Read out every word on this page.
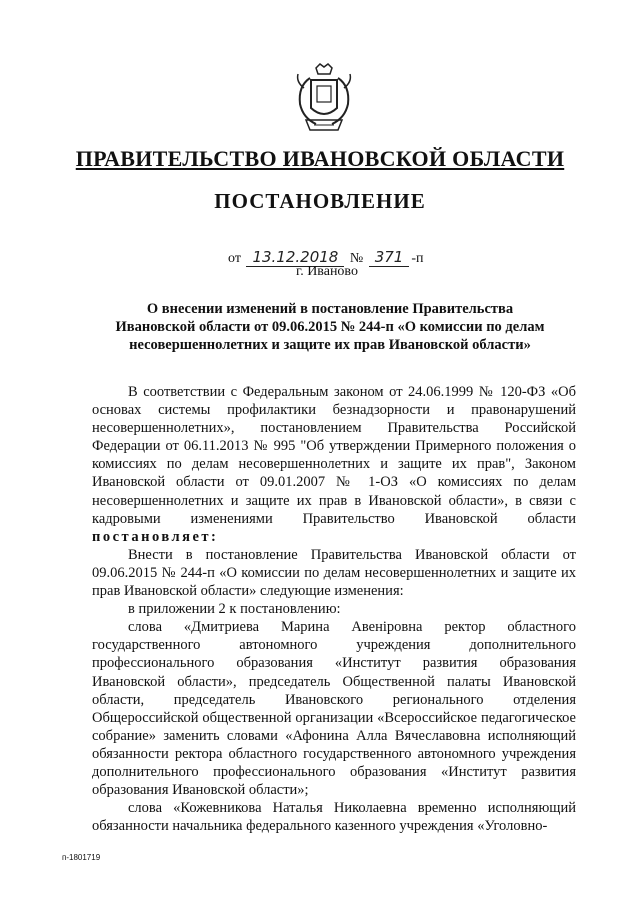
ПРАВИТЕЛЬСТВО ИВАНОВСКОЙ ОБЛАСТИ
ПОСТАНОВЛЕНИЕ
от 13.12.2018 № 371 -п
г. Иваново
О внесении изменений в постановление Правительства
Ивановской области от 09.06.2015 № 244-п «О комиссии по делам
несовершеннолетних и защите их прав Ивановской области»

В соответствии с Федеральным законом от 24.06.1999 № 120-ФЗ «Об основах системы профилактики безнадзорности и правонарушений несовершеннолетних», постановлением Правительства Российской Федерации от 06.11.2013 № 995 "Об утверждении Примерного положения о комиссиях по делам несовершеннолетних и защите их прав", Законом Ивановской области от 09.01.2007 № 1-ОЗ «О комиссиях по делам несовершеннолетних и защите их прав в Ивановской области», в связи с кадровыми изменениями Правительство Ивановской области постановляет:

Внести в постановление Правительства Ивановской области от 09.06.2015 № 244-п «О комиссии по делам несовершеннолетних и защите их прав Ивановской области» следующие изменения:

в приложении 2 к постановлению:

слова «Дмитриева Марина Авеніровна ректор областного государственного автономного учреждения дополнительного профессионального образования «Институт развития образования Ивановской области», председатель Общественной палаты Ивановской области, председатель Ивановского регионального отделения Общероссийской общественной организации «Всероссийское педагогическое собрание» заменить словами «Афонина Алла Вячеславовна исполняющий обязанности ректора областного государственного автономного учреждения дополнительного профессионального образования «Институт развития образования Ивановской области»;

слова «Кожевникова Наталья Николаевна временно исполняющий обязанности начальника федерального казенного учреждения «Уголовно-

п-1801719
